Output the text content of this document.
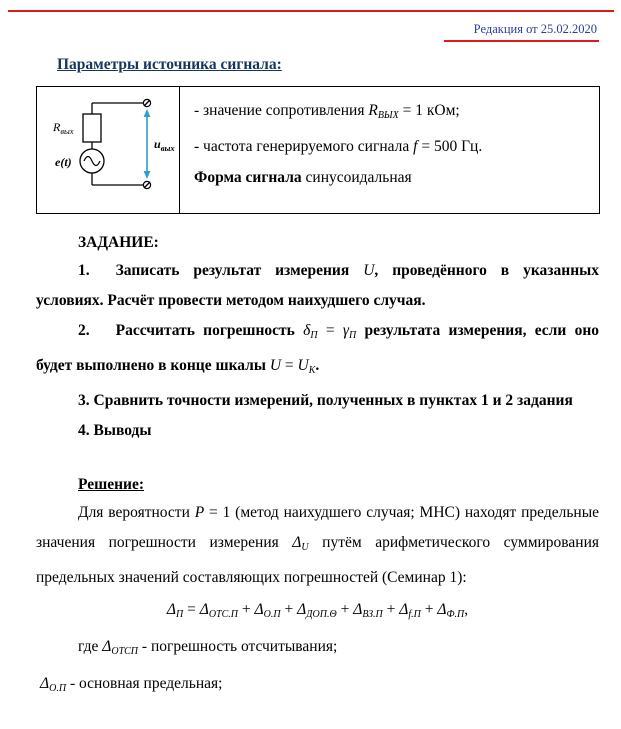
Редакция от 25.02.2020
Параметры источника сигнала:
$R_{вых}$
e(t)
$u_{вых}$

- значение сопротивления RВЫХ = 1 кОм;

- частота генерируемого сигнала f = 500 Гц.

Форма сигнала синусоидальная

ЗАДАНИЕ:

1. Записать результат измерения U, проведённого в указанных условиях. Расчёт провести методом наихудшего случая.

2. Рассчитать погрешность δП = γП результата измерения, если оно будет выполнено в конце шкалы U = UК.

3. Сравнить точности измерений, полученных в пунктах 1 и 2 задания

4. Выводы

Решение:

Для вероятности P = 1 (метод наихудшего случая; МНС) находят предельные значения погрешности измерения ΔU путём арифметического суммирования предельных значений составляющих погрешностей (Семинар 1):

ΔП = ΔОТС.П + ΔО.П + ΔДОП.Θ + ΔВЗ.П + Δf.П + ΔФ.П,

где ΔОТСП - погрешность отсчитывания;

ΔО.П - основная предельная;
